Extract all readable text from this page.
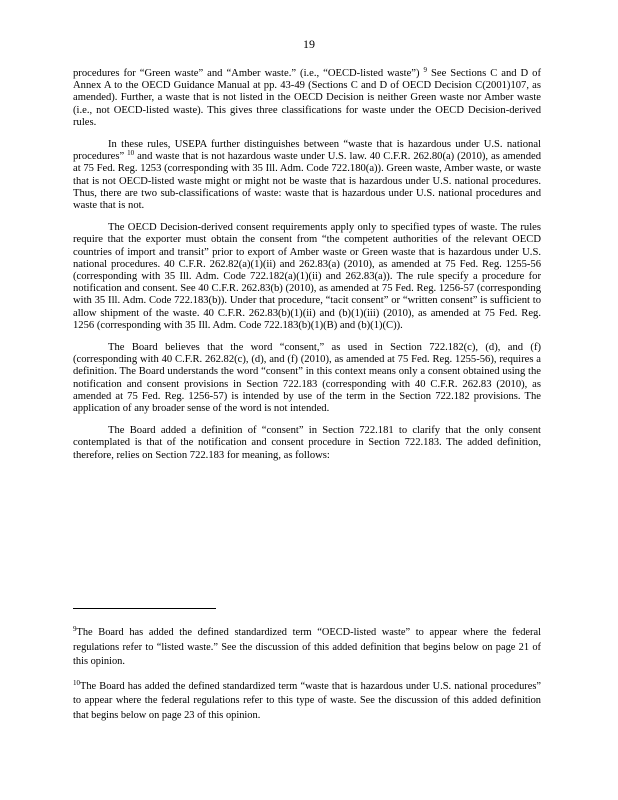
19

procedures for “Green waste” and “Amber waste.” (i.e., “OECD-listed waste”) $^9$ See Sections C and D of Annex A to the OECD Guidance Manual at pp. 43-49 (Sections C and D of OECD Decision C(2001)107, as amended). Further, a waste that is not listed in the OECD Decision is neither Green waste nor Amber waste (i.e., not OECD-listed waste). This gives three classifications for waste under the OECD Decision-derived rules.

In these rules, USEPA further distinguishes between “waste that is hazardous under U.S. national procedures” $^{10}$ and waste that is not hazardous waste under U.S. law. 40 C.F.R. 262.80(a) (2010), as amended at 75 Fed. Reg. 1253 (corresponding with 35 Ill. Adm. Code 722.180(a)). Green waste, Amber waste, or waste that is not OECD-listed waste might or might not be waste that is hazardous under U.S. national procedures. Thus, there are two sub-classifications of waste: waste that is hazardous under U.S. national procedures and waste that is not.

The OECD Decision-derived consent requirements apply only to specified types of waste. The rules require that the exporter must obtain the consent from “the competent authorities of the relevant OECD countries of import and transit” prior to export of Amber waste or Green waste that is hazardous under U.S. national procedures. 40 C.F.R. 262.82(a)(1)(ii) and 262.83(a) (2010), as amended at 75 Fed. Reg. 1255-56 (corresponding with 35 Ill. Adm. Code 722.182(a)(1)(ii) and 262.83(a)). The rule specify a procedure for notification and consent. See 40 C.F.R. 262.83(b) (2010), as amended at 75 Fed. Reg. 1256-57 (corresponding with 35 Ill. Adm. Code 722.183(b)). Under that procedure, “tacit consent” or “written consent” is sufficient to allow shipment of the waste. 40 C.F.R. 262.83(b)(1)(ii) and (b)(1)(iii) (2010), as amended at 75 Fed. Reg. 1256 (corresponding with 35 Ill. Adm. Code 722.183(b)(1)(B) and (b)(1)(C)).

The Board believes that the word “consent,” as used in Section 722.182(c), (d), and (f) (corresponding with 40 C.F.R. 262.82(c), (d), and (f) (2010), as amended at 75 Fed. Reg. 1255-56), requires a definition. The Board understands the word “consent” in this context means only a consent obtained using the notification and consent provisions in Section 722.183 (corresponding with 40 C.F.R. 262.83 (2010), as amended at 75 Fed. Reg. 1256-57) is intended by use of the term in the Section 722.182 provisions. The application of any broader sense of the word is not intended.

The Board added a definition of “consent” in Section 722.181 to clarify that the only consent contemplated is that of the notification and consent procedure in Section 722.183. The added definition, therefore, relies on Section 722.183 for meaning, as follows:

$^9$The Board has added the defined standardized term “OECD-listed waste” to appear where the federal regulations refer to “listed waste.” See the discussion of this added definition that begins below on page 21 of this opinion.

$^{10}$The Board has added the defined standardized term “waste that is hazardous under U.S. national procedures” to appear where the federal regulations refer to this type of waste. See the discussion of this added definition that begins below on page 23 of this opinion.
